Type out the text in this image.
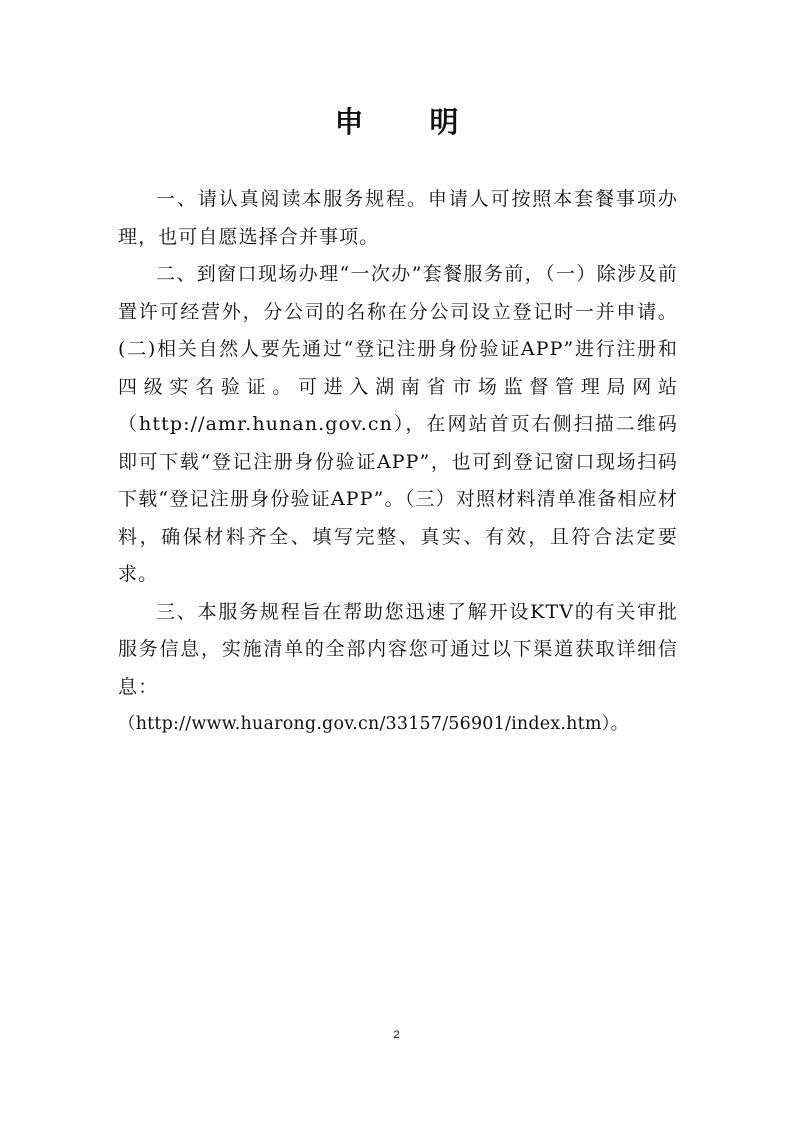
申 明

一、请认真阅读本服务规程。申请人可按照本套餐事项办理，也可自愿选择合并事项。

二、到窗口现场办理“一次办”套餐服务前，（一）除涉及前置许可经营外，分公司的名称在分公司设立登记时一并申请。(二)相关自然人要先通过“登记注册身份验证APP”进行注册和四级实名验证。可进入湖南省市场监督管理局网站（http://amr.hunan.gov.cn），在网站首页右侧扫描二维码即可下载“登记注册身份验证APP”，也可到登记窗口现场扫码下载“登记注册身份验证APP”。（三）对照材料清单准备相应材料，确保材料齐全、填写完整、真实、有效，且符合法定要求。

三、本服务规程旨在帮助您迅速了解开设KTV的有关审批服务信息，实施清单的全部内容您可通过以下渠道获取详细信息：

（http://www.huarong.gov.cn/33157/56901/index.htm）。

2
